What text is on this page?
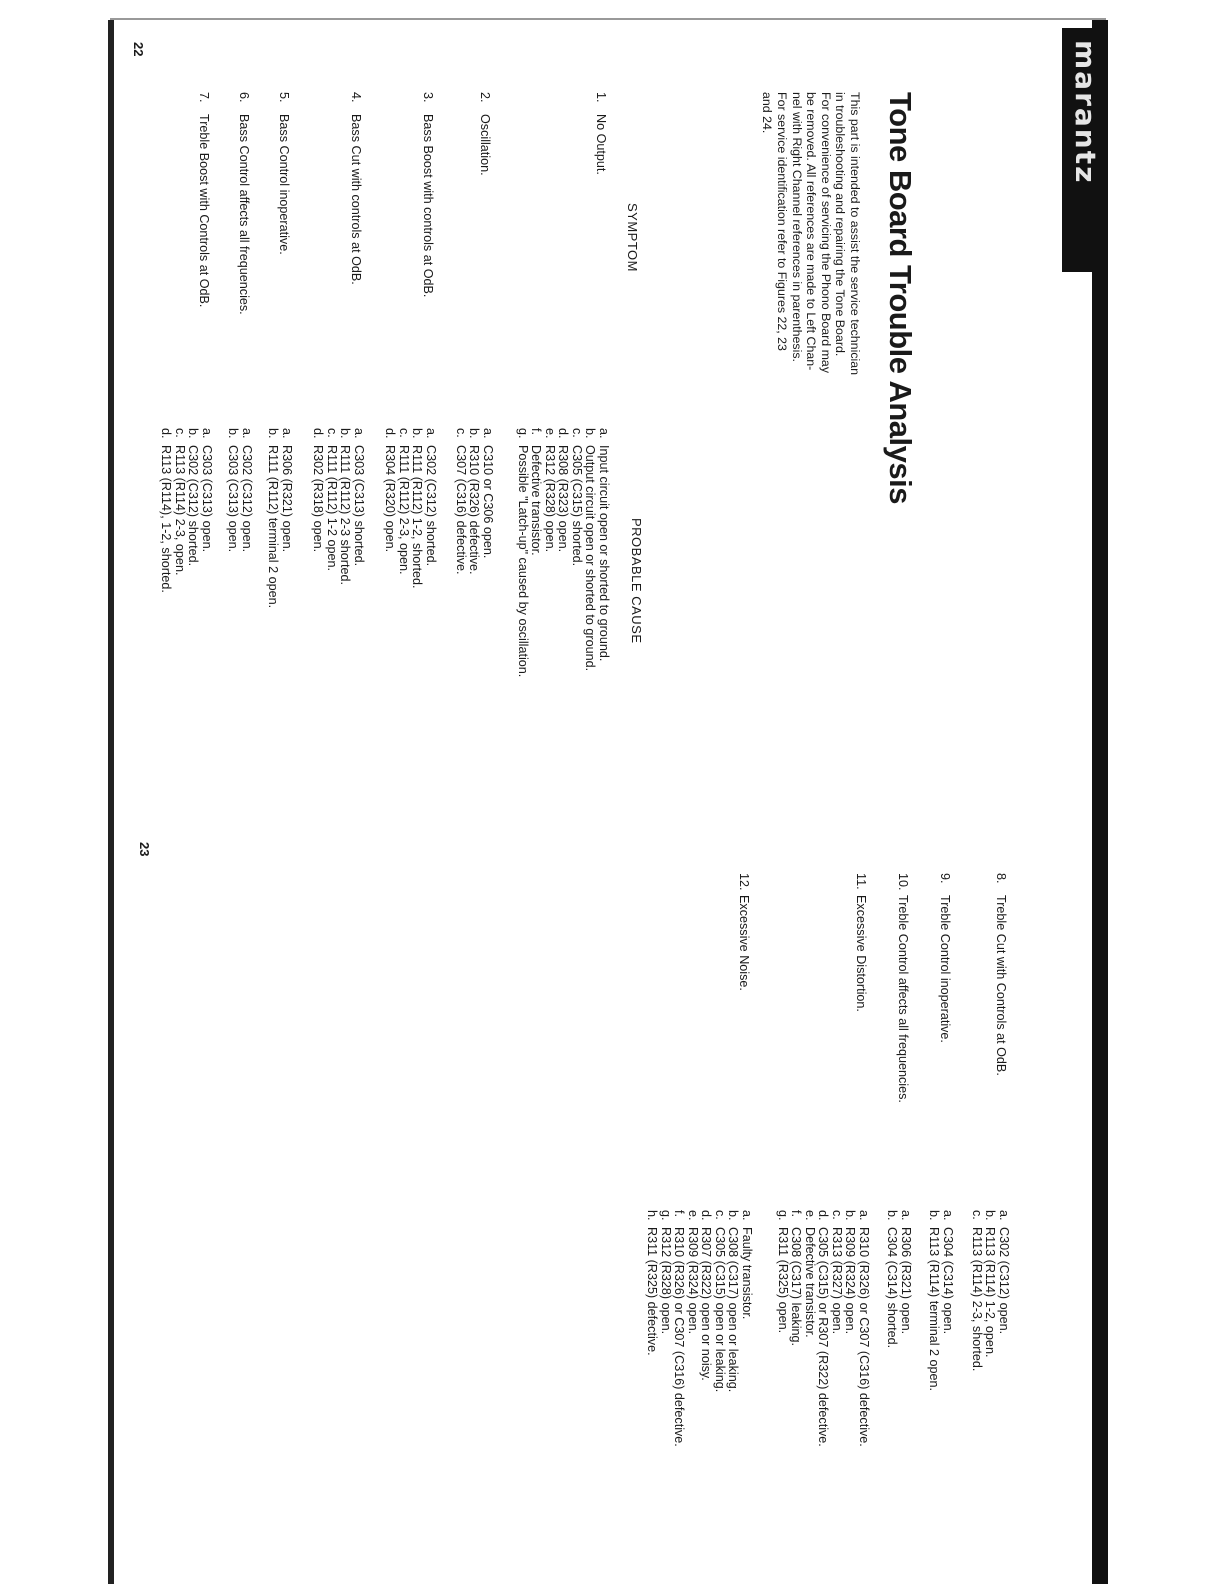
marantz
Tone Board Trouble Analysis

This part is intended to assist the service technician

in troubleshooting and repairing the Tone Board.

For convenience of servicing the Phono Board may

be removed. All references are made to Left Chan-

nel with Right Channel references in parenthesis.

For service identification refer to Figures 22, 23

and 24.

SYMPTOM
PROBABLE CAUSE
1.
No Output.
a.
Input circuit open or shorted to ground.
b.
Output circuit open or shorted to ground.
c.
C305 (C315) shorted.
d.
R308 (R323) open.
e.
R312 (R328) open.
f.
Defective transistor.
g.
Possible "Latch-up" caused by oscillation.
2.
Oscillation.
a.
C310 or C306 open.
b.
R310 (R326) defective.
c.
C307 (C316) defective.
3.
Bass Boost with controls at OdB.
a.
C302 (C312) shorted.
b.
R111 (R112) 1-2, shorted.
c.
R111 (R112) 2-3, open.
d.
R304 (R320) open.
4.
Bass Cut with controls at OdB.
a.
C303 (C313) shorted.
b.
R111 (R112) 2-3 shorted.
c.
R111 (R112) 1-2 open.
d.
R302 (R318) open.
5.
Bass Control inoperative.
a.
R306 (R321) open.
b.
R111 (R112) terminal 2 open.
6.
Bass Control affects all frequencies.
a.
C302 (C312) open.
b.
C303 (C313) open.
7.
Treble Boost with Controls at OdB.
a.
C303 (C313) open.
b.
C302 (C312) shorted.
c.
R113 (R114) 2-3, open.
d.
R113 (R114), 1-2, shorted.
8.
Treble Cut with Controls at OdB.
a.
C302 (C312) open.
b.
R113 (R114) 1-2, open.
c.
R113 (R114) 2-3, shorted.
9.
Treble Control inoperative.
a.
C304 (C314) open.
b.
R113 (R114) terminal 2 open.
10.
Treble Control affects all frequencies.
a.
R306 (R321) open.
b.
C304 (C314) shorted.
11.
Excessive Distortion.
a.
R310 (R326) or C307 (C316) defective.
b.
R309 (R324) open.
c.
R313 (R327) open.
d.
C305 (C315) or R307 (R322) defective.
e.
Defective transistor.
f.
C308 (C317) leaking.
g.
R311 (R325) open.
12.
Excessive Noise.
a.
Faulty transistor.
b.
C308 (C317) open or leaking.
c.
C305 (C315) open or leaking.
d.
R307 (R322) open or noisy.
e.
R309 (R324) open.
f.
R310 (R326) or C307 (C316) defective.
g.
R312 (R328) open.
h.
R311 (R325) defective.
22
23
